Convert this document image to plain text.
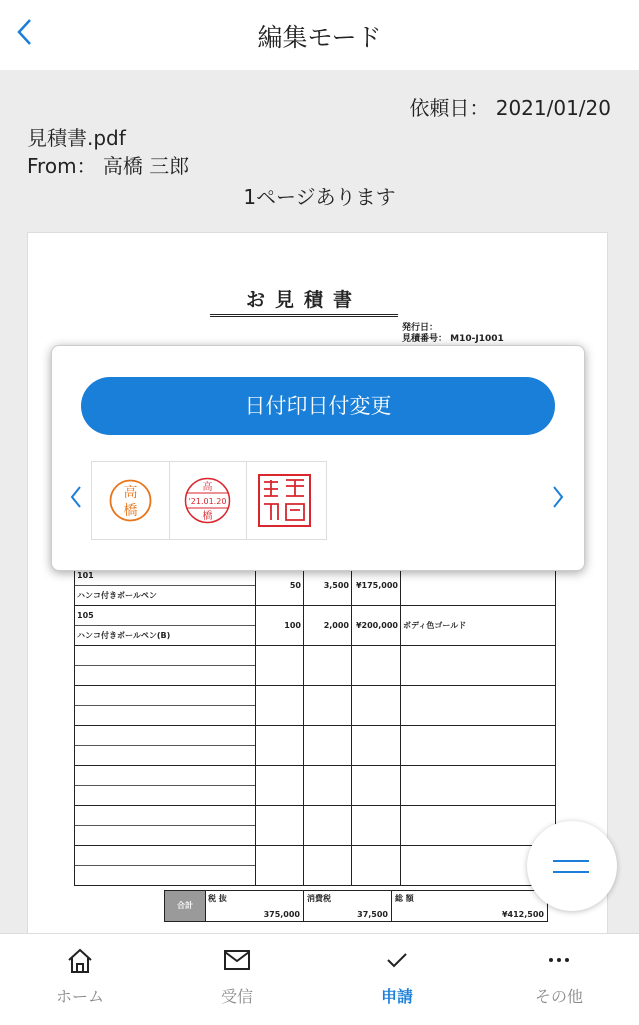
編集モード
依頼日： 2021/01/20
見積書.pdf
From： 高橋 三郎
1ページあります
お見積書
発行日：
見積番号： M10-J1001
101
ハンコ付きボールペン	50	3,500	¥175,000	

105
ハンコ付きボールペン(B)	100	2,000	¥200,000	ボディ色ゴールド

合計
税 抜
375,000
消費税
37,500
総 額
¥412,500
日付印日付変更
高
橋
高
'21.01.20
橋
ホーム	受信	申請	その他
